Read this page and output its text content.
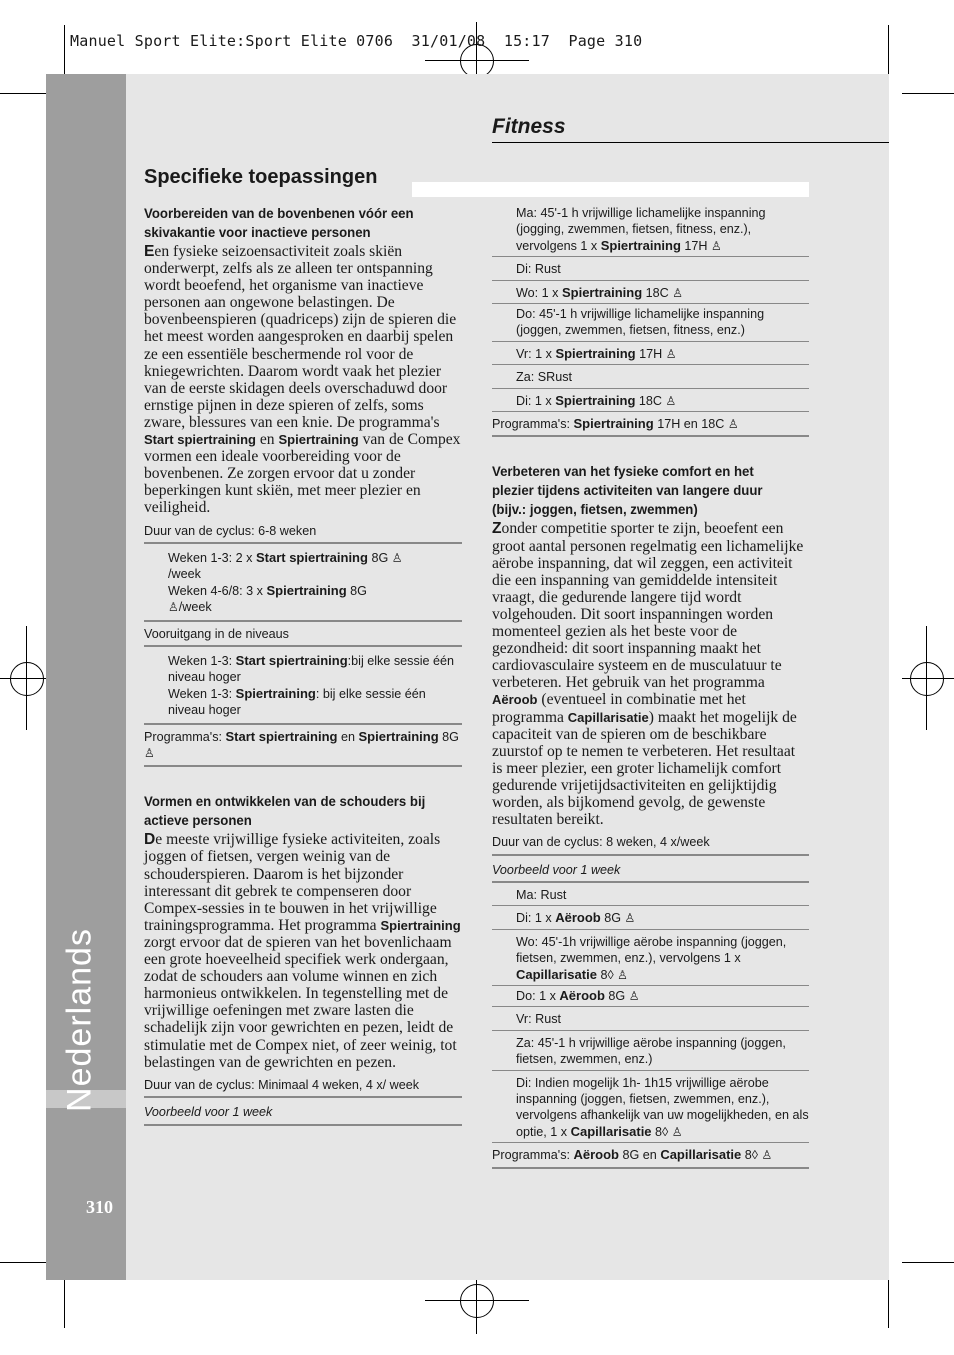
Manuel Sport Elite:Sport Elite 0706  31/01/08  15:17  Page 310
Nederlands
310
Fitness
Specifieke toepassingen

Voorbereiden van de bovenbenen vóór een skivakantie voor inactieve personen

Een fysieke seizoensactiviteit zoals skiën onderwerpt, zelfs als ze alleen ter ontspanning wordt beoefend, het organisme van inactieve personen aan ongewone belastingen. De bovenbeenspieren (quadriceps) zijn de spieren die het meest worden aangesproken en daarbij spelen ze een essentiële beschermende rol voor de kniegewrichten. Daarom wordt vaak het plezier van de eerste skidagen deels overschaduwd door ernstige pijnen in deze spieren of zelfs, soms zware, blessures van een knie. De programma's Start spiertraining en Spiertraining van de Compex vormen een ideale voorbereiding voor de bovenbenen. Ze zorgen ervoor dat u zonder beperkingen kunt skiën, met meer plezier en veiligheid.

Duur van de cyclus: 6-8 weken
Weken 1-3: 2 x Start spiertraining 8G ♙
/week
Weken 4-6/8: 3 x Spiertraining 8G
♙/week
Vooruitgang in de niveaus
Weken 1-3: Start spiertraining:bij elke sessie één niveau hoger
Weken 1-3: Spiertraining: bij elke sessie één niveau hoger
Programma's: Start spiertraining en Spiertraining 8G ♙

Vormen en ontwikkelen van de schouders bij actieve personen

De meeste vrijwillige fysieke activiteiten, zoals joggen of fietsen, vergen weinig van de schouderspieren. Daarom is het bijzonder interessant dit gebrek te compenseren door Compex-sessies in te bouwen in het vrijwillige trainingsprogramma. Het programma Spiertraining zorgt ervoor dat de spieren van het bovenlichaam een grote hoeveelheid specifiek werk ondergaan, zodat de schouders aan volume winnen en zich harmonieus ontwikkelen. In tegenstelling met de vrijwillige oefeningen met zware lasten die schadelijk zijn voor gewrichten en pezen, leidt de stimulatie met de Compex niet, of zeer weinig, tot belastingen van de gewrichten en pezen.

Duur van de cyclus: Minimaal 4 weken, 4 x/ week
Voorbeeld voor 1 week
Ma: 45'-1 h vrijwillige lichamelijke inspanning (jogging, zwemmen, fietsen, fitness, enz.), vervolgens 1 x Spiertraining 17H ♙
Di: Rust
Wo: 1 x Spiertraining 18C ♙
Do: 45'-1 h vrijwillige lichamelijke inspanning (joggen, zwemmen, fietsen, fitness, enz.)
Vr: 1 x Spiertraining 17H ♙
Za: SRust
Di: 1 x Spiertraining 18C ♙
Programma's: Spiertraining 17H en 18C ♙

Verbeteren van het fysieke comfort en het plezier tijdens activiteiten van langere duur (bijv.: joggen, fietsen, zwemmen)

Zonder competitie sporter te zijn, beoefent een groot aantal personen regelmatig een lichamelijke aërobe inspanning, dat wil zeggen, een activiteit die een inspanning van gemiddelde intensiteit vraagt, die gedurende langere tijd wordt volgehouden. Dit soort inspanningen worden momenteel gezien als het beste voor de gezondheid: dit soort inspanning maakt het cardiovasculaire systeem en de musculatuur te verbeteren. Het gebruik van het programma Aëroob (eventueel in combinatie met het programma Capillarisatie) maakt het mogelijk de capaciteit van de spieren om de beschikbare zuurstof op te nemen te verbeteren. Het resultaat is meer plezier, een groter lichamelijk comfort gedurende vrijetijdsactiviteiten en gelijktijdig worden, als bijkomend gevolg, de gewenste resultaten bereikt.

Duur van de cyclus: 8 weken, 4 x/week
Voorbeeld voor 1 week
Ma: Rust
Di: 1 x Aëroob 8G ♙
Wo: 45'-1h vrijwillige aërobe inspanning (joggen, fietsen, zwemmen, enz.), vervolgens 1 x Capillarisatie 8◊ ♙
Do: 1 x Aëroob 8G ♙
Vr: Rust
Za: 45'-1 h vrijwillige aërobe inspanning (joggen, fietsen, zwemmen, enz.)
Di: Indien mogelijk 1h- 1h15 vrijwillige aërobe inspanning (joggen, fietsen, zwemmen, enz.), vervolgens afhankelijk van uw mogelijkheden, en als optie, 1 x Capillarisatie 8◊ ♙
Programma's: Aëroob 8G en Capillarisatie 8◊ ♙
